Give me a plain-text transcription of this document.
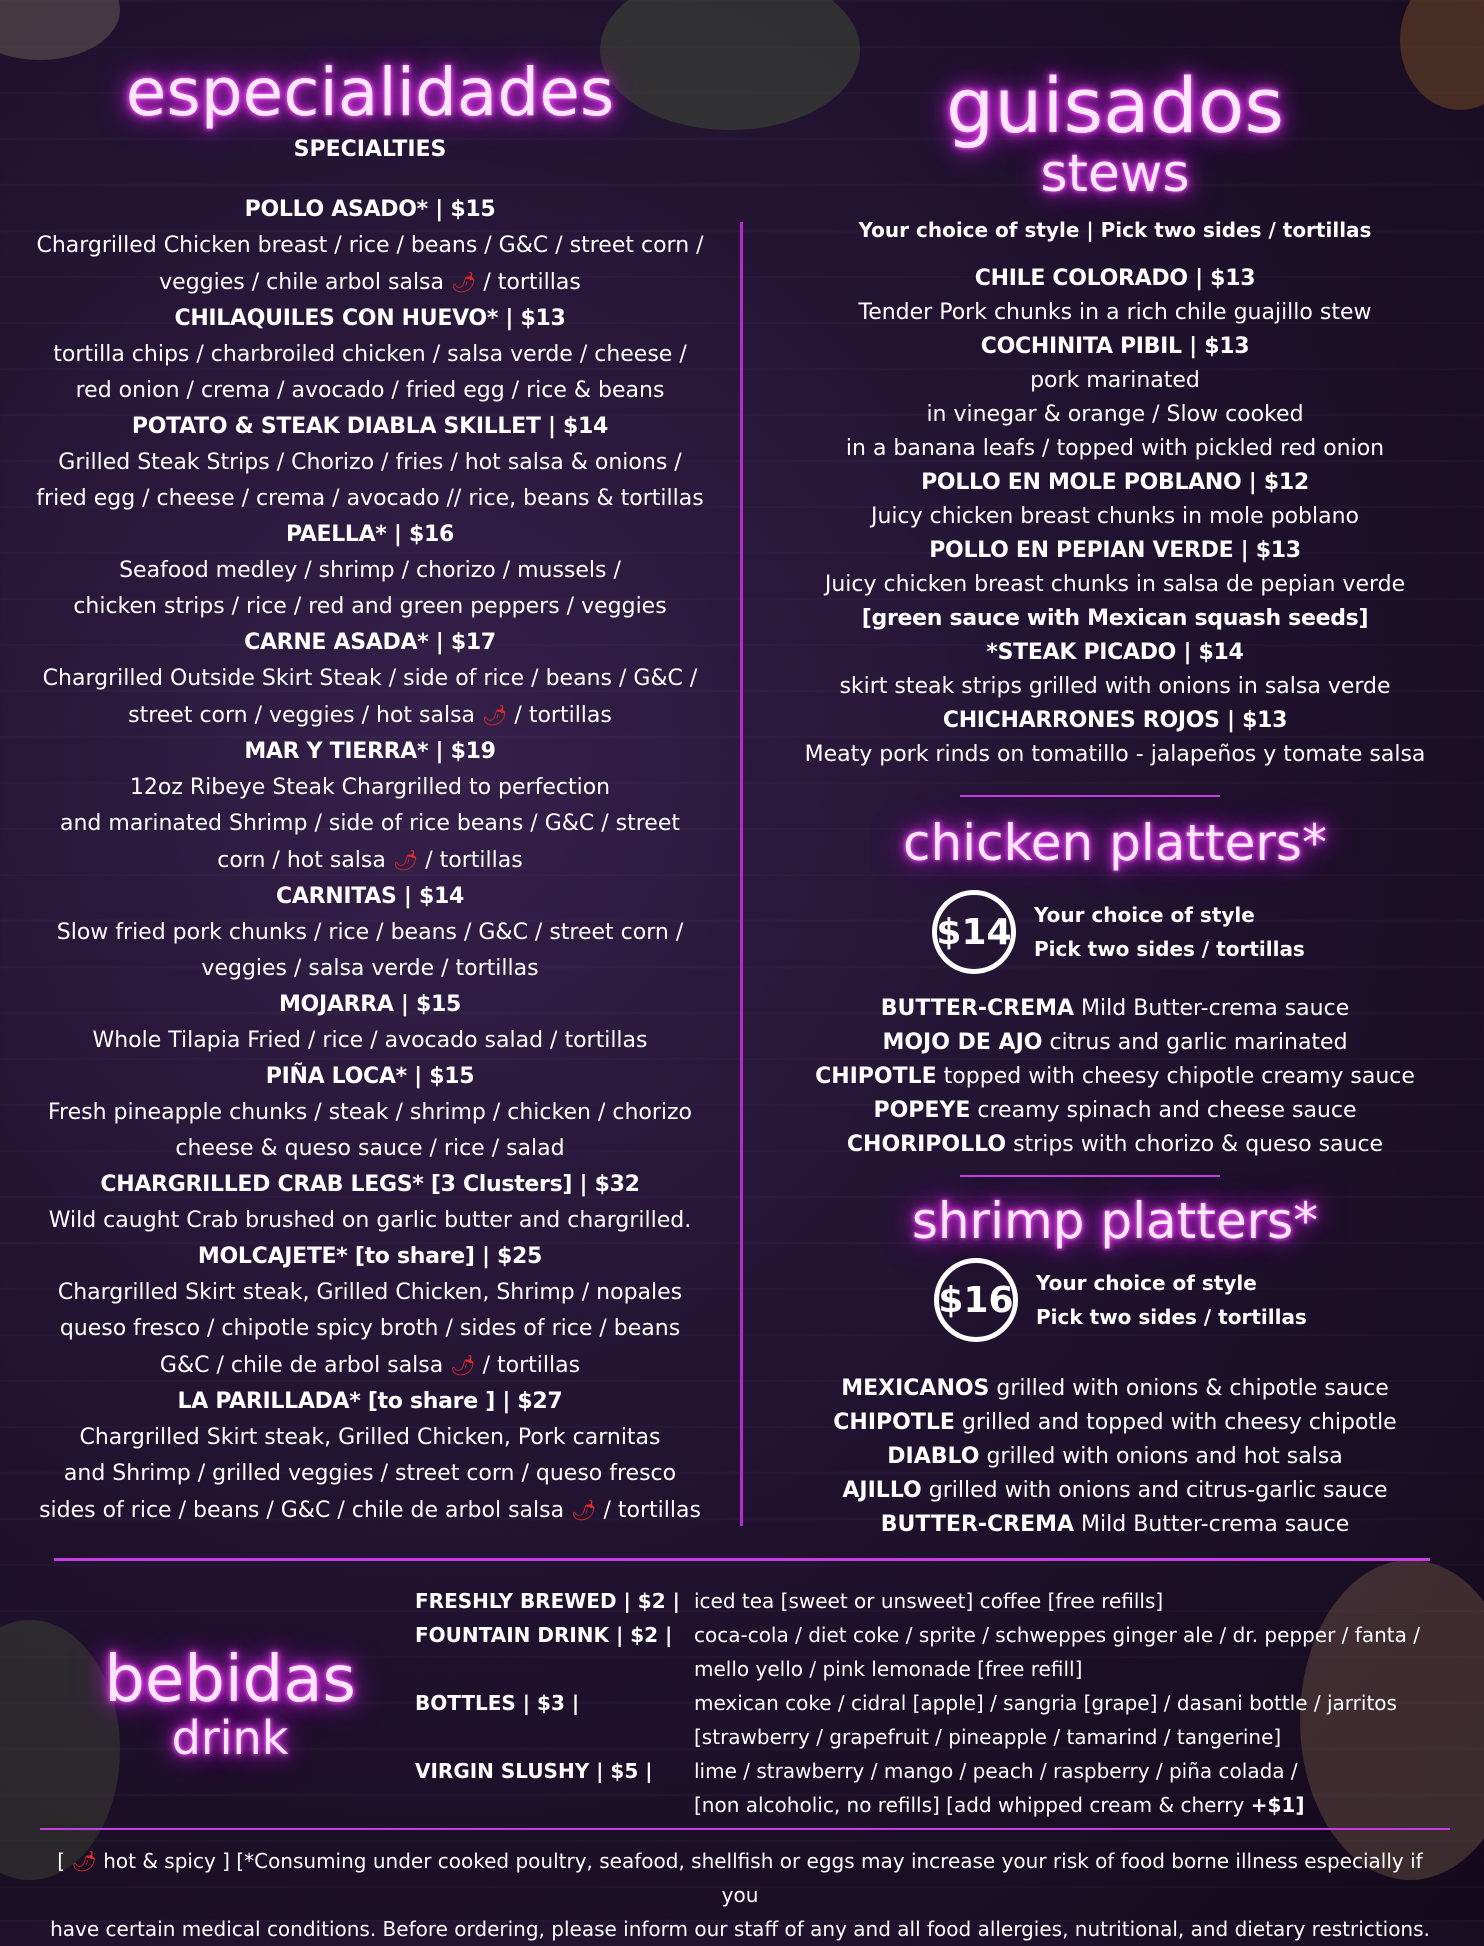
especialidades
SPECIALTIES
POLLO ASADO* | $15
Chargrilled Chicken breast / rice / beans / G&C / street corn /
veggies / chile arbol salsa 🌶 / tortillas
CHILAQUILES CON HUEVO* | $13
tortilla chips / charbroiled chicken / salsa verde / cheese /
red onion / crema / avocado / fried egg / rice & beans
POTATO & STEAK DIABLA SKILLET | $14
Grilled Steak Strips / Chorizo / fries / hot salsa & onions /
fried egg / cheese / crema / avocado // rice, beans & tortillas
PAELLA* | $16
Seafood medley / shrimp / chorizo / mussels /
chicken strips / rice / red and green peppers / veggies
CARNE ASADA* | $17
Chargrilled Outside Skirt Steak / side of rice / beans / G&C /
street corn / veggies / hot salsa 🌶 / tortillas
MAR Y TIERRA* | $19
12oz Ribeye Steak Chargrilled to perfection
and marinated Shrimp / side of rice beans / G&C / street
corn / hot salsa 🌶 / tortillas
CARNITAS | $14
Slow fried pork chunks / rice / beans / G&C / street corn /
veggies / salsa verde / tortillas
MOJARRA | $15
Whole Tilapia Fried / rice / avocado salad / tortillas
PIÑA LOCA* | $15
Fresh pineapple chunks / steak / shrimp / chicken / chorizo
cheese & queso sauce / rice / salad
CHARGRILLED CRAB LEGS* [3 Clusters] | $32
Wild caught Crab brushed on garlic butter and chargrilled.
MOLCAJETE* [to share] | $25
Chargrilled Skirt steak, Grilled Chicken, Shrimp / nopales
queso fresco / chipotle spicy broth / sides of rice / beans
G&C / chile de arbol salsa 🌶 / tortillas
LA PARILLADA* [to share ] | $27
Chargrilled Skirt steak, Grilled Chicken, Pork carnitas
and Shrimp / grilled veggies / street corn / queso fresco
sides of rice / beans / G&C / chile de arbol salsa 🌶 / tortillas
guisados
stews
Your choice of style | Pick two sides / tortillas
CHILE COLORADO | $13
Tender Pork chunks in a rich chile guajillo stew
COCHINITA PIBIL | $13
pork marinated
in vinegar & orange / Slow cooked
in a banana leafs / topped with pickled red onion
POLLO EN MOLE POBLANO | $12
Juicy chicken breast chunks in mole poblano
POLLO EN PEPIAN VERDE | $13
Juicy chicken breast chunks in salsa de pepian verde
[green sauce with Mexican squash seeds]
*STEAK PICADO | $14
skirt steak strips grilled with onions in salsa verde
CHICHARRONES ROJOS | $13
Meaty pork rinds on tomatillo - jalapeños y tomate salsa
chicken platters*
$14 Your choice of style
Pick two sides / tortillas
BUTTER-CREMA Mild Butter-crema sauce
MOJO DE AJO citrus and garlic marinated
CHIPOTLE topped with cheesy chipotle creamy sauce
POPEYE creamy spinach and cheese sauce
CHORIPOLLO strips with chorizo & queso sauce
shrimp platters*
$16 Your choice of style
Pick two sides / tortillas
MEXICANOS grilled with onions & chipotle sauce
CHIPOTLE grilled and topped with cheesy chipotle
DIABLO grilled with onions and hot salsa
AJILLO grilled with onions and citrus-garlic sauce
BUTTER-CREMA Mild Butter-crema sauce
bebidas
drink
FRESHLY BREWED | $2 | iced tea [sweet or unsweet] coffee [free refills]
FOUNTAIN DRINK | $2 | coca-cola / diet coke / sprite / schweppes ginger ale / dr. pepper / fanta /
mello yello / pink lemonade [free refill]
BOTTLES | $3 |	mexican coke / cidral [apple] / sangria [grape] / dasani bottle / jarritos
[strawberry / grapefruit / pineapple / tamarind / tangerine]
VIRGIN SLUSHY | $5 | lime / strawberry / mango / peach / raspberry / piña colada /
[non alcoholic, no refills] [add whipped cream & cherry +$1]
[ 🌶 hot & spicy ] [*Consuming under cooked poultry, seafood, shellfish or eggs may increase your risk of food borne illness especially if you
have certain medical conditions. Before ordering, please inform our staff of any and all food allergies, nutritional, and dietary restrictions.
